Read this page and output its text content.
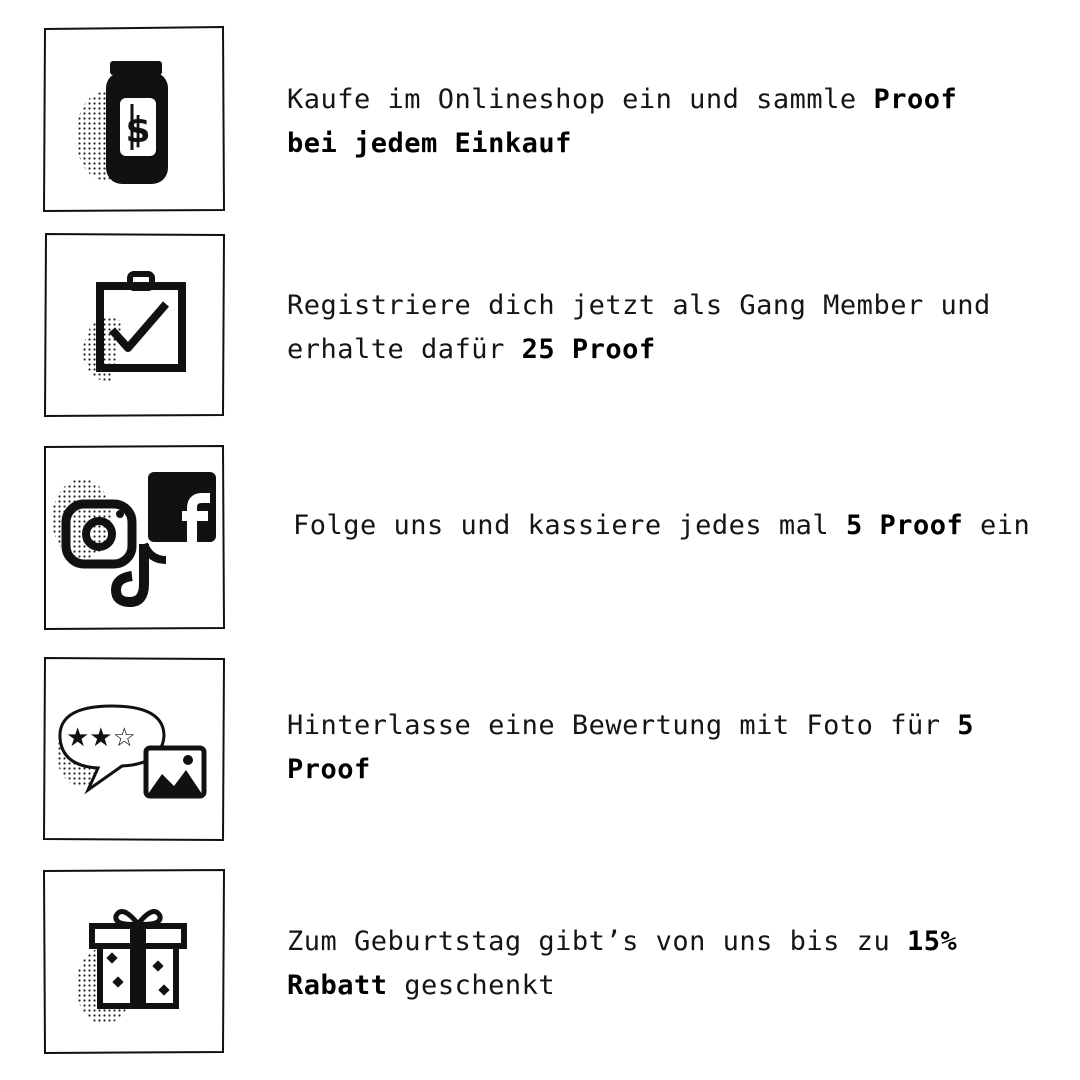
$
Kaufe im Onlineshop ein und sammle Proof bei jedem Einkauf
Registriere dich jetzt als Gang Member und erhalte dafür 25 Proof
Folge uns und kassiere jedes mal 5 Proof ein
★★☆	Hinterlasse eine Bewertung mit Foto für 5 Proof
Zum Geburtstag gibt’s von uns bis zu 15% Rabatt geschenkt
